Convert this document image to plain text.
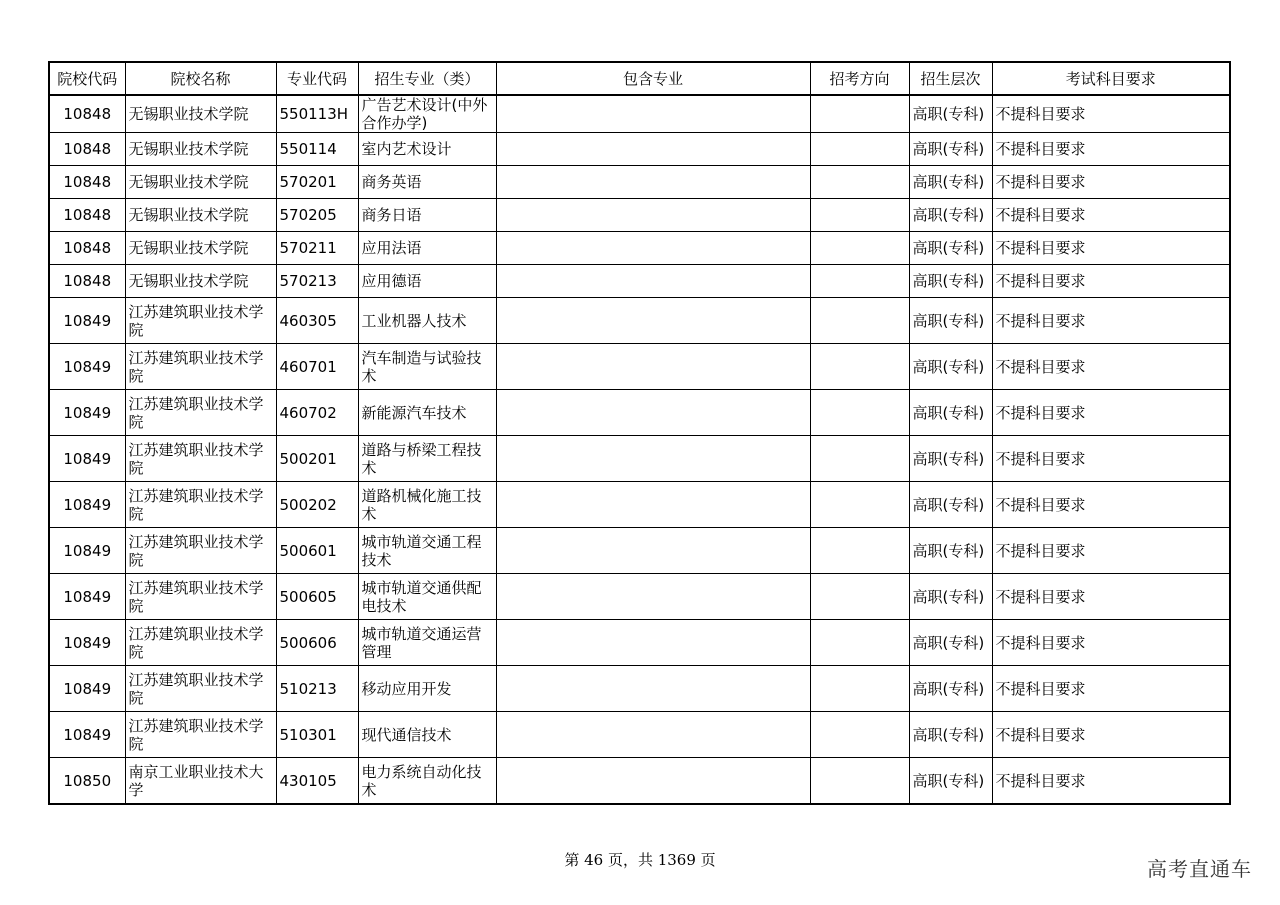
院校代码	院校名称	专业代码	招生专业（类）	包含专业	招考方向	招生层次	考试科目要求
10848	无锡职业技术学院	550113H	广告艺术设计(中外合作办学)			高职(专科)	不提科目要求
10848	无锡职业技术学院	550114	室内艺术设计			高职(专科)	不提科目要求
10848	无锡职业技术学院	570201	商务英语			高职(专科)	不提科目要求
10848	无锡职业技术学院	570205	商务日语			高职(专科)	不提科目要求
10848	无锡职业技术学院	570211	应用法语			高职(专科)	不提科目要求
10848	无锡职业技术学院	570213	应用德语			高职(专科)	不提科目要求
10849	江苏建筑职业技术学院	460305	工业机器人技术			高职(专科)	不提科目要求
10849	江苏建筑职业技术学院	460701	汽车制造与试验技术			高职(专科)	不提科目要求
10849	江苏建筑职业技术学院	460702	新能源汽车技术			高职(专科)	不提科目要求
10849	江苏建筑职业技术学院	500201	道路与桥梁工程技术			高职(专科)	不提科目要求
10849	江苏建筑职业技术学院	500202	道路机械化施工技术			高职(专科)	不提科目要求
10849	江苏建筑职业技术学院	500601	城市轨道交通工程技术			高职(专科)	不提科目要求
10849	江苏建筑职业技术学院	500605	城市轨道交通供配电技术			高职(专科)	不提科目要求
10849	江苏建筑职业技术学院	500606	城市轨道交通运营管理			高职(专科)	不提科目要求
10849	江苏建筑职业技术学院	510213	移动应用开发			高职(专科)	不提科目要求
10849	江苏建筑职业技术学院	510301	现代通信技术			高职(专科)	不提科目要求
10850	南京工业职业技术大学	430105	电力系统自动化技术			高职(专科)	不提科目要求
第 46 页，共 1369 页	高考直通车
